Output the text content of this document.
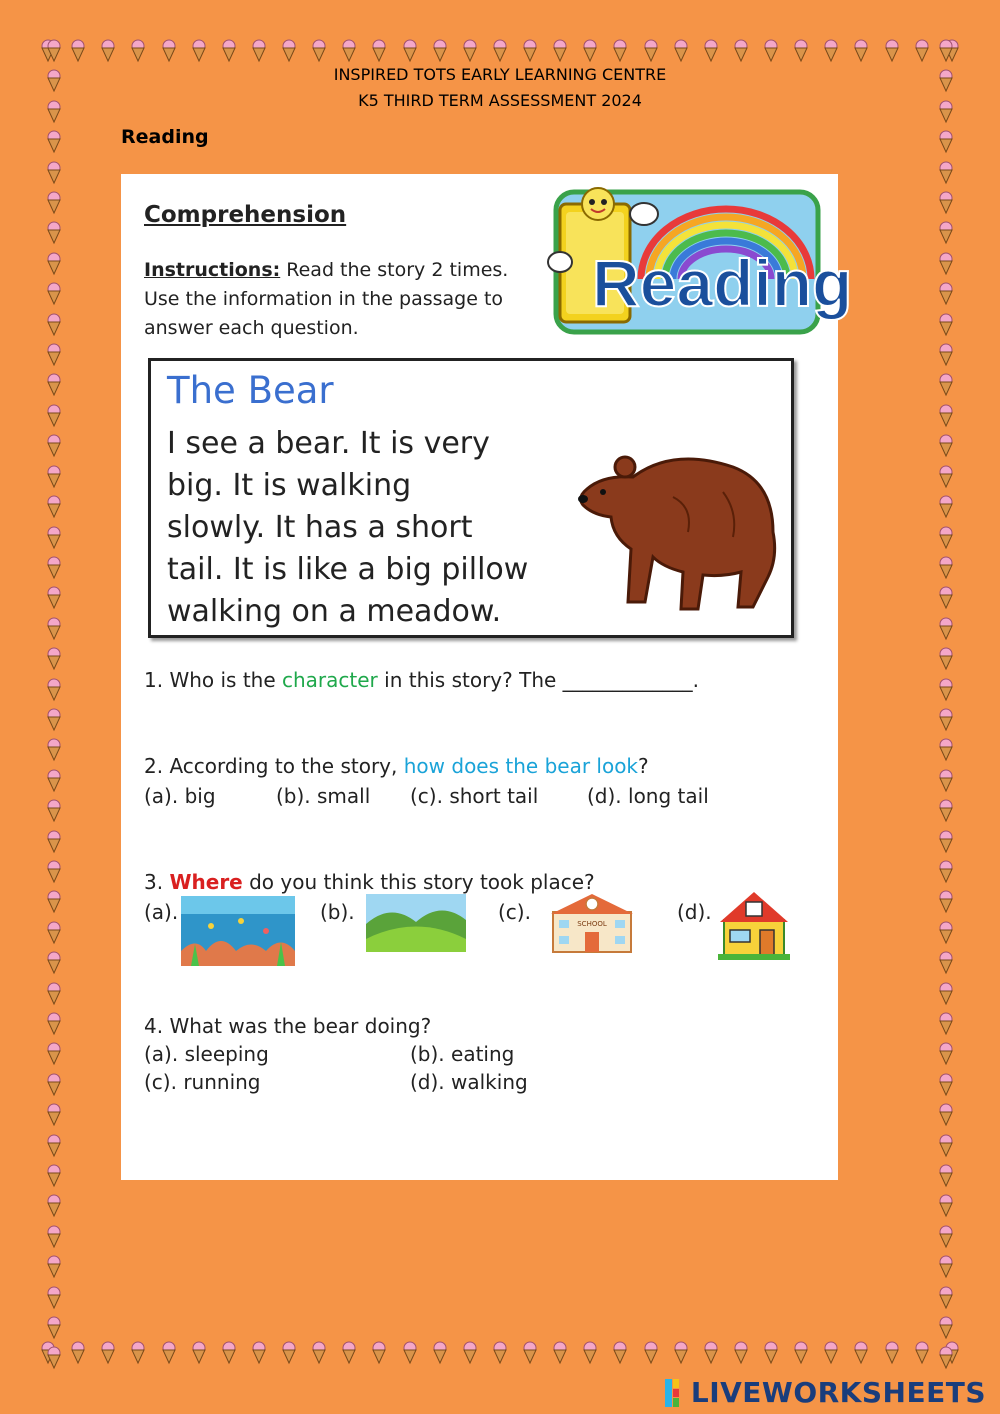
INSPIRED TOTS EARLY LEARNING CENTRE
K5 THIRD TERM ASSESSMENT 2024
Reading
Comprehension
Instructions: Read the story 2 times.
Use the information in the passage to
answer each question.
Reading
The Bear
I see a bear. It is very
big. It is walking
slowly. It has a short
tail. It is like a big pillow
walking on a meadow.
1. Who is the character in this story? The _____________.
2. According to the story, how does the bear look?
(a). big	(b). small (c). short tail (d). long tail
3. Where do you think this story took place?
(a).	(b).	(c).	(d).
SCHOOL
4. What was the bear doing?
(a). sleeping	(b). eating
(c). running	(d). walking
LIVEWORKSHEETS
